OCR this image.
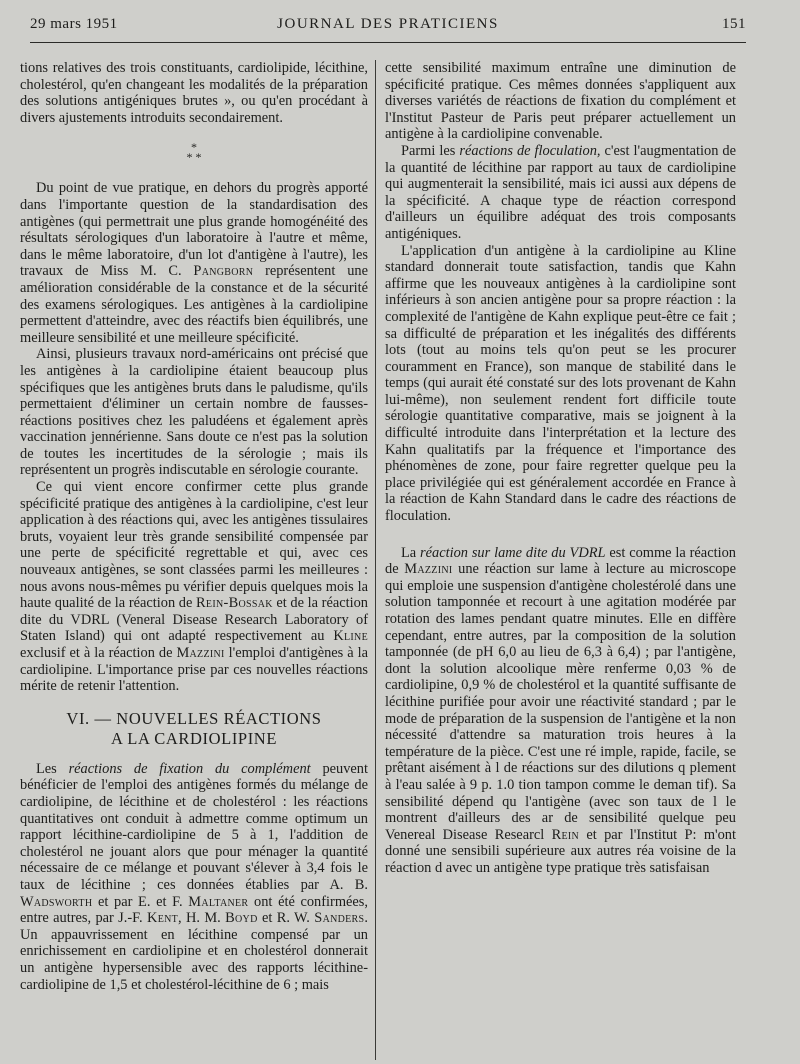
29 mars 1951	JOURNAL DES PRATICIENS	151

tions relatives des trois constituants, cardiolipide, lécithine, cholestérol, qu'en changeant les modalités de la préparation des solutions antigéniques brutes », ou qu'en procédant à divers ajustements introduits secondairement.

*
* *

Du point de vue pratique, en dehors du progrès apporté dans l'importante question de la standardisation des antigènes (qui permettrait une plus grande homogénéité des résultats sérologiques d'un laboratoire à l'autre et même, dans le même laboratoire, d'un lot d'antigène à l'autre), les travaux de Miss M. C. Pangborn représentent une amélioration considérable de la constance et de la sécurité des examens sérologiques. Les antigènes à la cardiolipine permettent d'atteindre, avec des réactifs bien équilibrés, une meilleure sensibilité et une meilleure spécificité.

Ainsi, plusieurs travaux nord-américains ont précisé que les antigènes à la cardiolipine étaient beaucoup plus spécifiques que les antigènes bruts dans le paludisme, qu'ils permettaient d'éliminer un certain nombre de fausses-réactions positives chez les paludéens et également après vaccination jennérienne. Sans doute ce n'est pas la solution de toutes les incertitudes de la sérologie ; mais ils représentent un progrès indiscutable en sérologie courante.

Ce qui vient encore confirmer cette plus grande spécificité pratique des antigènes à la cardiolipine, c'est leur application à des réactions qui, avec les antigènes tissulaires bruts, voyaient leur très grande sensibilité compensée par une perte de spécificité regrettable et qui, avec ces nouveaux antigènes, se sont classées parmi les meilleures : nous avons nous-mêmes pu vérifier depuis quelques mois la haute qualité de la réaction de Rein-Bossak et de la réaction dite du VDRL (Veneral Disease Research Laboratory of Staten Island) qui ont adapté respectivement au Kline exclusif et à la réaction de Mazzini l'emploi d'antigènes à la cardiolipine. L'importance prise par ces nouvelles réactions mérite de retenir l'attention.

VI. — NOUVELLES RÉACTIONS
A LA CARDIOLIPINE

Les réactions de fixation du complément peuvent bénéficier de l'emploi des antigènes formés du mélange de cardiolipine, de lécithine et de cholestérol : les réactions quantitatives ont conduit à admettre comme optimum un rapport lécithine-cardiolipine de 5 à 1, l'addition de cholestérol ne jouant alors que pour ménager la quantité nécessaire de ce mélange et pouvant s'élever à 3,4 fois le taux de lécithine ; ces données établies par A. B. Wadsworth et par E. et F. Maltaner ont été confirmées, entre autres, par J.-F. Kent, H. M. Boyd et R. W. Sanders. Un appauvrissement en lécithine compensé par un enrichissement en cardiolipine et en cholestérol donnerait un antigène hypersensible avec des rapports lécithine-cardiolipine de 1,5 et cholestérol-lécithine de 6 ; mais

cette sensibilité maximum entraîne une diminution de spécificité pratique. Ces mêmes données s'appliquent aux diverses variétés de réactions de fixation du complément et l'Institut Pasteur de Paris peut préparer actuellement un antigène à la cardiolipine convenable.

Parmi les réactions de floculation, c'est l'augmentation de la quantité de lécithine par rapport au taux de cardiolipine qui augmenterait la sensibilité, mais ici aussi aux dépens de la spécificité. A chaque type de réaction correspond d'ailleurs un équilibre adéquat des trois composants antigéniques.

L'application d'un antigène à la cardiolipine au Kline standard donnerait toute satisfaction, tandis que Kahn affirme que les nouveaux antigènes à la cardiolipine sont inférieurs à son ancien antigène pour sa propre réaction : la complexité de l'antigène de Kahn explique peut-être ce fait ; sa difficulté de préparation et les inégalités des différents lots (tout au moins tels qu'on peut se les procurer couramment en France), son manque de stabilité dans le temps (qui aurait été constaté sur des lots provenant de Kahn lui-même), non seulement rendent fort difficile toute sérologie quantitative comparative, mais se joignent à la difficulté introduite dans l'interprétation et la lecture des Kahn qualitatifs par la fréquence et l'importance des phénomènes de zone, pour faire regretter quelque peu la place privilégiée qui est généralement accordée en France à la réaction de Kahn Standard dans le cadre des réactions de floculation.

La réaction sur lame dite du VDRL est comme la réaction de Mazzini une réaction sur lame à lecture au microscope qui emploie une suspension d'antigène cholestérolé dans une solution tamponnée et recourt à une agitation modérée par rotation des lames pendant quatre minutes. Elle en diffère cependant, entre autres, par la composition de la solution tamponnée (de pH 6,0 au lieu de 6,3 à 6,4) ; par l'antigène, dont la solution alcoolique mère renferme 0,03 % de cardiolipine, 0,9 % de cholestérol et la quantité suffisante de lécithine purifiée pour avoir une réactivité standard ; par le mode de préparation de la suspension de l'antigène et la non nécessité d'attendre sa maturation trois heures à la température de la pièce. C'est une ré imple, rapide, facile, se prêtant aisément à l de réactions sur des dilutions q plement à l'eau salée à 9 p. 1.0 tion tampon comme le deman tif). Sa sensibilité dépend qu l'antigène (avec son taux de l le montrent d'ailleurs des ar de sensibilité quelque peu Venereal Disease Researcl Rein et par l'Institut P: m'ont donné une sensibili supérieure aux autres réa voisine de la réaction d avec un antigène type pratique très satisfaisan
